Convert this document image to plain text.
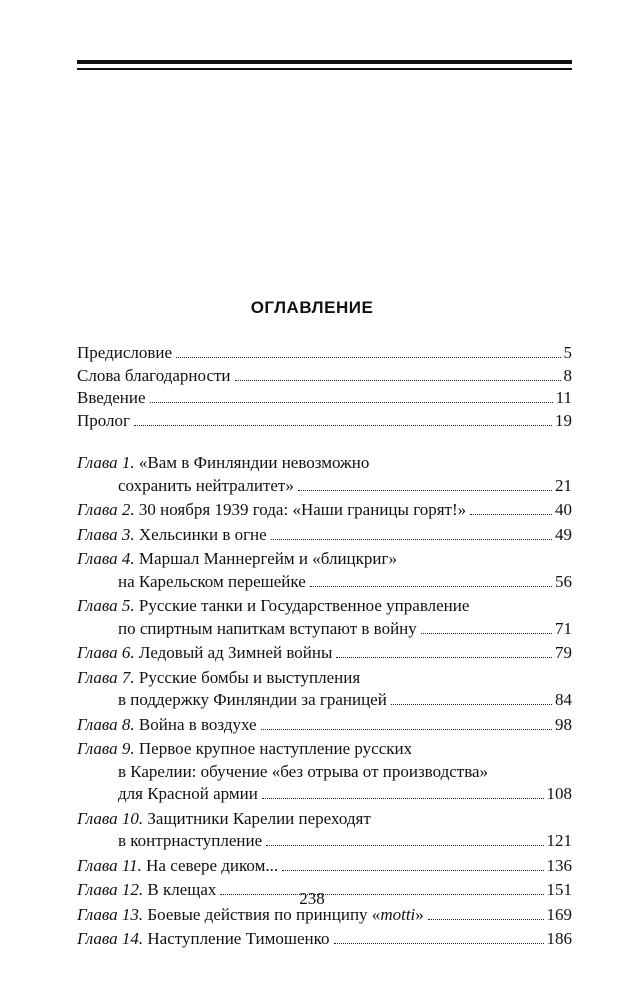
ОГЛАВЛЕНИЕ
Предисловие	5
Слова благодарности	8
Введение	11
Пролог	19
Глава 1. «Вам в Финляндии невозможно
сохранить нейтралитет»	21
Глава 2. 30 ноября 1939 года: «Наши границы горят!»	40
Глава 3. Хельсинки в огне	49
Глава 4. Маршал Маннергейм и «блицкриг»
на Карельском перешейке	56
Глава 5. Русские танки и Государственное управление
по спиртным напиткам вступают в войну	71
Глава 6. Ледовый ад Зимней войны	79
Глава 7. Русские бомбы и выступления
в поддержку Финляндии за границей	84
Глава 8. Война в воздухе	98
Глава 9. Первое крупное наступление русских
в Карелии: обучение «без отрыва от производства»
для Красной армии	108
Глава 10. Защитники Карелии переходят
в контрнаступление	121
Глава 11. На севере диком...	136
Глава 12. В клещах	151
Глава 13. Боевые действия по принципу «motti»	169
Глава 14. Наступление Тимошенко	186
238
